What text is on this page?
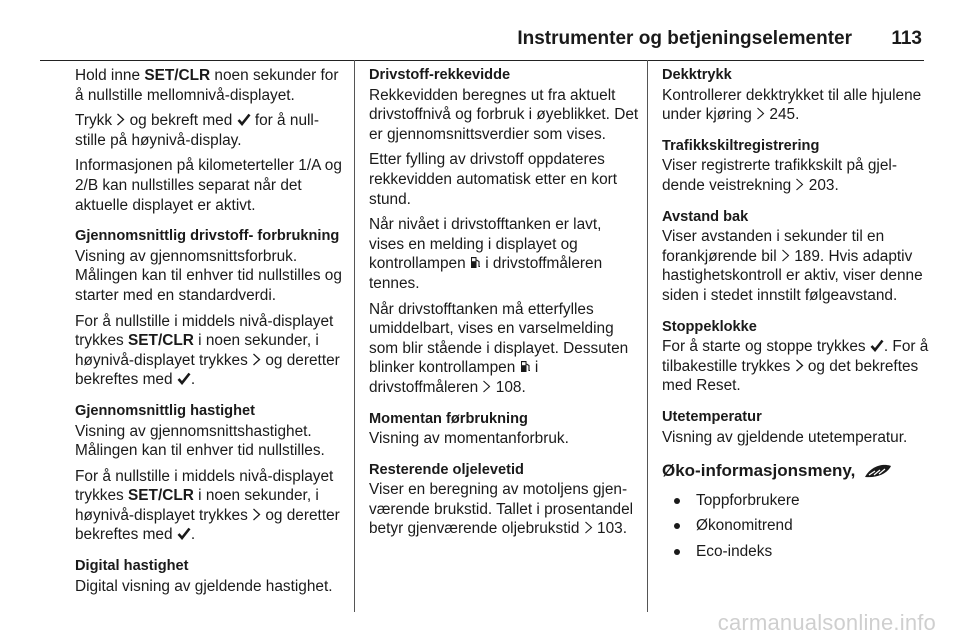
Instrumenter og betjeningselementer 113

Hold inne SET/CLR noen sekunder for å nullstille mellomnivå-displayet.

Trykk  og bekreft med  for å nullstille på høynivå-display.

Informasjonen på kilometerteller 1/A og 2/B kan nullstilles separat når det aktuelle displayet er aktivt.

Gjennomsnittlig drivstoff- forbrukning

Visning av gjennomsnittsforbruk. Målingen kan til enhver tid nullstilles og starter med en standardverdi.

For å nullstille i middels nivå-displayet trykkes SET/CLR i noen sekunder, i høynivå-displayet trykkes  og deretter bekreftes med .

Gjennomsnittlig hastighet

Visning av gjennomsnittshastighet. Målingen kan til enhver tid nullstilles.

For å nullstille i middels nivå-displayet trykkes SET/CLR i noen sekunder, i høynivå-displayet trykkes  og deretter bekreftes med .

Digital hastighet

Digital visning av gjeldende hastighet.

Drivstoff-rekkevidde

Rekkevidden beregnes ut fra aktuelt drivstoffnivå og forbruk i øyeblikket. Det er gjennomsnittsverdier som vises.

Etter fylling av drivstoff oppdateres rekkevidden automatisk etter en kort stund.

Når nivået i drivstofftanken er lavt, vises en melding i displayet og kontrollampen  i drivstoffmåleren tennes.

Når drivstofftanken må etterfylles umiddelbart, vises en varselmelding som blir stående i displayet. Dessuten blinker kontrollampen  i drivstoffmåleren  108.

Momentan førbrukning

Visning av momentanforbruk.

Resterende oljelevetid

Viser en beregning av motoljens gjenværende brukstid. Tallet i prosentandel betyr gjenværende oljebrukstid  103.

Dekktrykk

Kontrollerer dekktrykket til alle hjulene under kjøring  245.

Trafikkskiltregistrering

Viser registrerte trafikkskilt på gjeldende veistrekning  203.

Avstand bak

Viser avstanden i sekunder til en forankjørende bil  189. Hvis adaptiv hastighetskontroll er aktiv, viser denne siden i stedet innstilt følgeavstand.

Stoppeklokke

For å starte og stoppe trykkes . For å tilbakestille trykkes  og det bekreftes med Reset.

Utetemperatur

Visning av gjeldende utetemperatur.

Øko-informasjonsmeny,
Toppforbrukere
Økonomitrend
Eco-indeks
carmanualsonline.info
